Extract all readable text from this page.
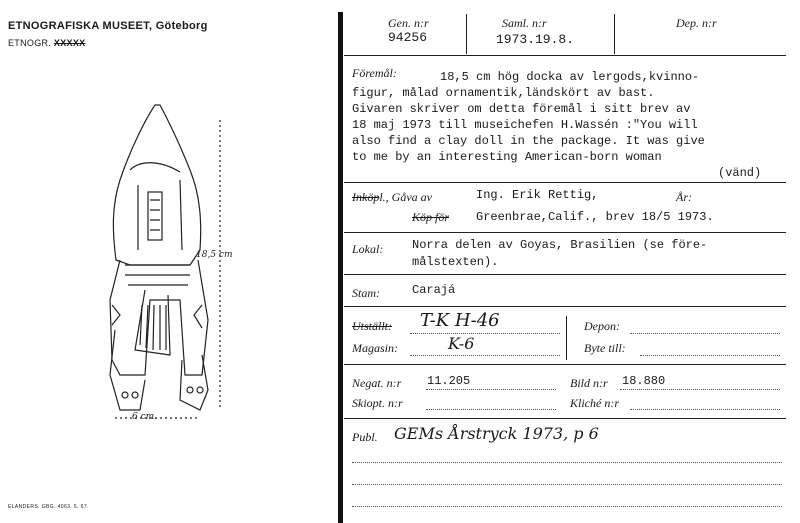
ETNOGRAFISKA MUSEET, Göteborg
ETNOGR. XXXXX
18,5 cm
6 cm.
ELANDERS. GBG. 4063. 5. 67.
Gen. n:r
94256
Saml. n:r
1973.19.8.
Dep. n:r
Föremål:	18,5 cm hög docka av lergods,kvinno-
figur, målad ornamentik,ländskört av bast.
Givaren skriver om detta föremål i sitt brev av
18 maj 1973 till museichefen H.Wassén :"You will
also find a clay doll in the package. It was give
to me by an interesting American-born woman
(vänd)
Inköpl., Gåva av	Ing. Erik Rettig,	År:
Köp för Greenbrae,Calif., brev 18/5 1973.
Lokal: Norra delen av Goyas, Brasilien (se före-
målstexten).
Stam:	Carajá
Utställt: T-K H-46
Magasin:	K-6
Depon:
Byte till:
Negat. n:r 11.205	Bild n:r 18.880
Skiopt. n:r	Kliché n:r
Publ. GEMs Årstryck 1973, p 6
